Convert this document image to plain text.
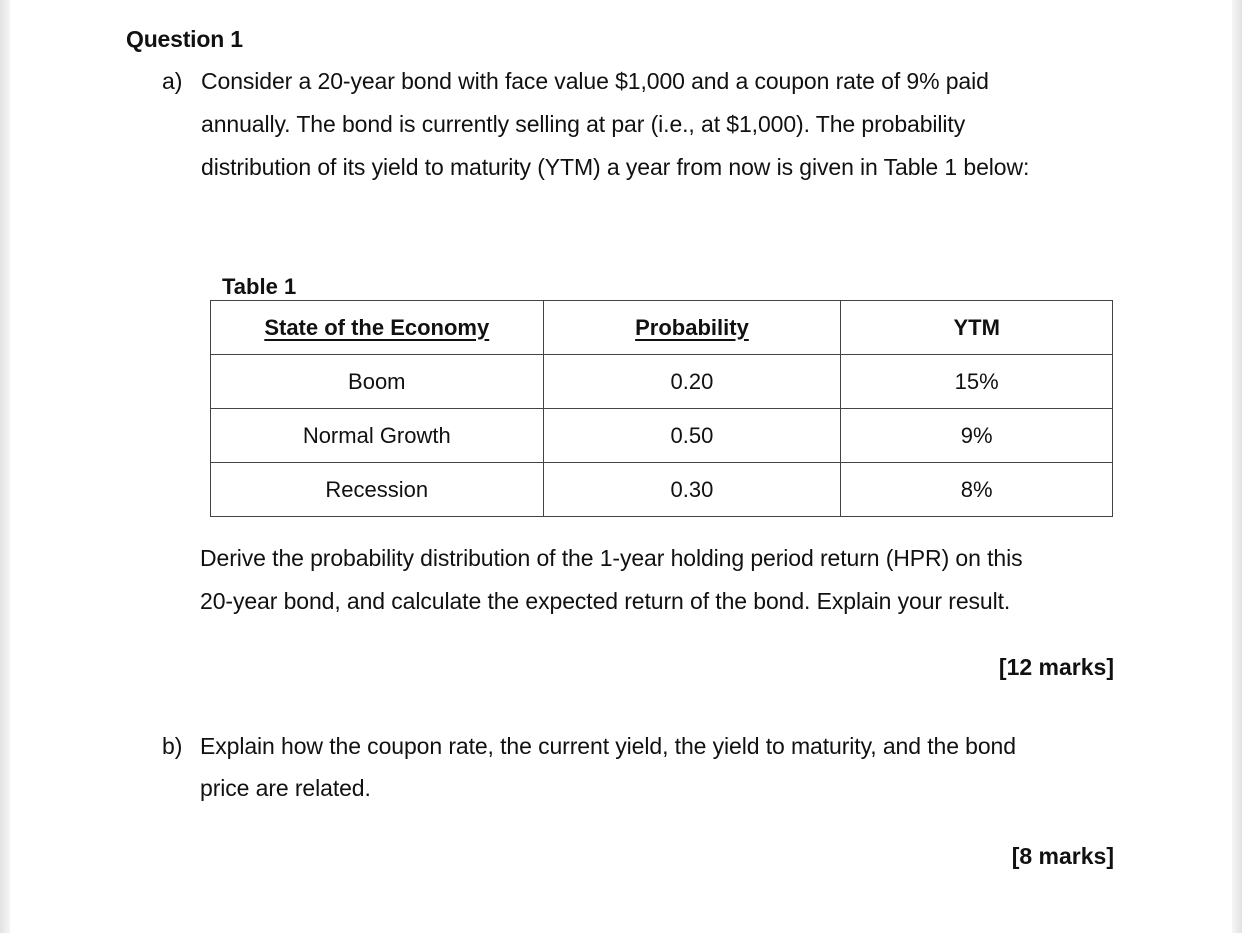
Question 1
a) Consider a 20-year bond with face value $1,000 and a coupon rate of 9% paid
annually. The bond is currently selling at par (i.e., at $1,000). The probability
distribution of its yield to maturity (YTM) a year from now is given in Table 1 below:
Table 1
State of the Economy	Probability	YTM
Boom	0.20	15%
Normal Growth	0.50	9%
Recession	0.30	8%
Derive the probability distribution of the 1-year holding period return (HPR) on this
20-year bond, and calculate the expected return of the bond. Explain your result.
[12 marks]
b) Explain how the coupon rate, the current yield, the yield to maturity, and the bond
price are related.
[8 marks]
